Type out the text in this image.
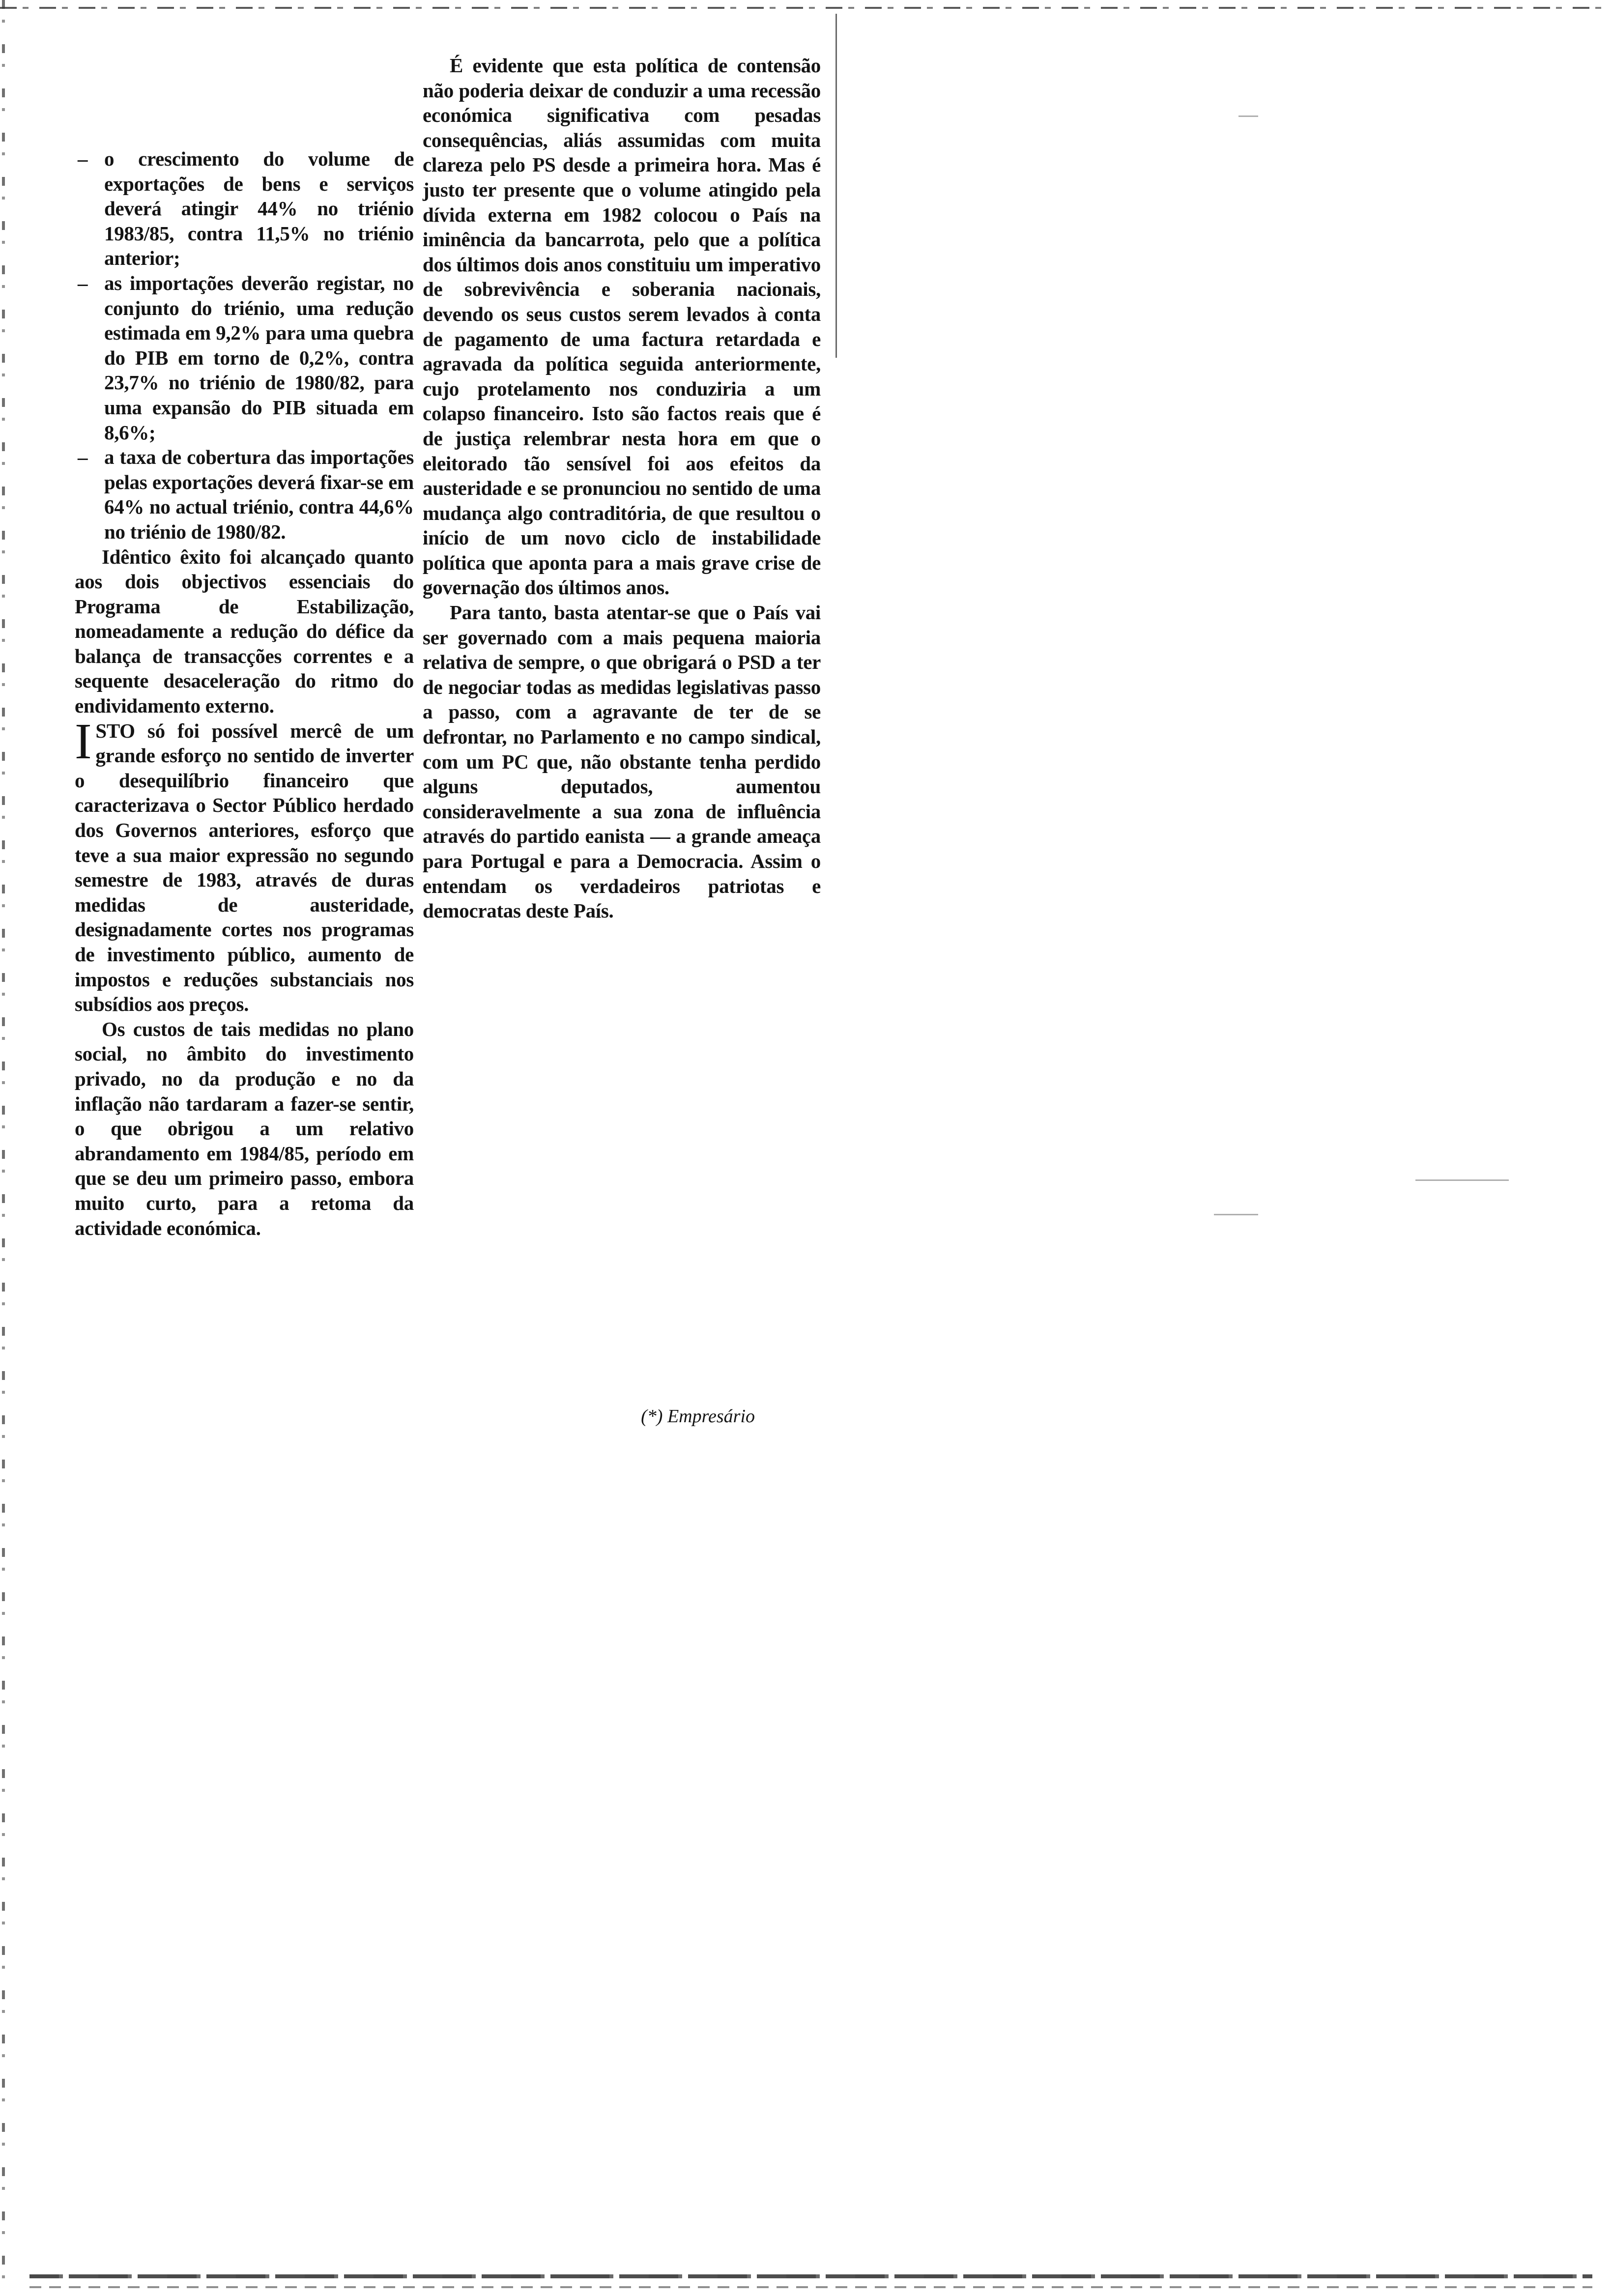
– o crescimento do volume de exportações de bens e serviços deverá atingir 44% no triénio 1983/85, contra 11,5% no triénio anterior;
– as importações deverão registar, no conjunto do triénio, uma redução estimada em 9,2% para uma quebra do PIB em torno de 0,2%, contra 23,7% no triénio de 1980/82, para uma expansão do PIB situada em 8,6%;
– a taxa de cobertura das importações pelas exportações deverá fixar-se em 64% no actual triénio, contra 44,6% no triénio de 1980/82.

Idêntico êxito foi alcançado quanto aos dois objectivos essenciais do Programa de Estabilização, nomeadamente a redução do défice da balança de transacções correntes e a sequente desaceleração do ritmo do endividamento externo.

ISTO só foi possível mercê de um grande esforço no sentido de inverter o desequilíbrio financeiro que caracterizava o Sector Público herdado dos Governos anteriores, esforço que teve a sua maior expressão no segundo semestre de 1983, através de duras medidas de austeridade, designadamente cortes nos programas de investimento público, aumento de impostos e reduções substanciais nos subsídios aos preços.

Os custos de tais medidas no plano social, no âmbito do investimento privado, no da produção e no da inflação não tardaram a fazer-se sentir, o que obrigou a um relativo abrandamento em 1984/85, período em que se deu um primeiro passo, embora muito curto, para a retoma da actividade económica.

É evidente que esta política de contensão não poderia deixar de conduzir a uma recessão económica significativa com pesadas consequências, aliás assumidas com muita clareza pelo PS desde a primeira hora. Mas é justo ter presente que o volume atingido pela dívida externa em 1982 colocou o País na iminência da bancarrota, pelo que a política dos últimos dois anos constituiu um imperativo de sobrevivência e soberania nacionais, devendo os seus custos serem levados à conta de pagamento de uma factura retardada e agravada da política seguida anteriormente, cujo protelamento nos conduziria a um colapso financeiro. Isto são factos reais que é de justiça relembrar nesta hora em que o eleitorado tão sensível foi aos efeitos da austeridade e se pronunciou no sentido de uma mudança algo contraditória, de que resultou o início de um novo ciclo de instabilidade política que aponta para a mais grave crise de governação dos últimos anos.

Para tanto, basta atentar-se que o País vai ser governado com a mais pequena maioria relativa de sempre, o que obrigará o PSD a ter de negociar todas as medidas legislativas passo a passo, com a agravante de ter de se defrontar, no Parlamento e no campo sindical, com um PC que, não obstante tenha perdido alguns deputados, aumentou consideravelmente a sua zona de influência através do partido eanista — a grande ameaça para Portugal e para a Democracia. Assim o entendam os verdadeiros patriotas e democratas deste País.

(*) Empresário
